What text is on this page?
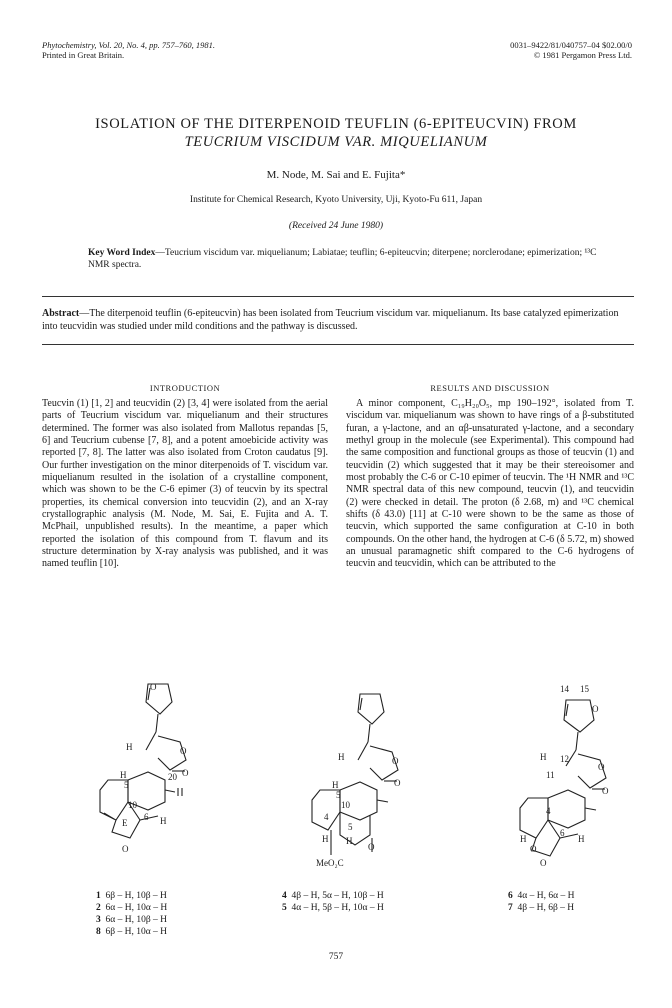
Phytochemistry, Vol. 20, No. 4, pp. 757–760, 1981.
Printed in Great Britain.
0031–9422/81/040757–04 $02.00/0
© 1981 Pergamon Press Ltd.
ISOLATION OF THE DITERPENOID TEUFLIN (6-EPITEUCVIN) FROM
TEUCRIUM VISCIDUM VAR. MIQUELIANUM
M. Node, M. Sai and E. Fujita*
Institute for Chemical Research, Kyoto University, Uji, Kyoto-Fu 611, Japan
(Received 24 June 1980)
Key Word Index—Teucrium viscidum var. miquelianum; Labiatae; teuflin; 6-epiteucvin; diterpene; norclerodane; epimerization; ¹³C NMR spectra.
Abstract—The diterpenoid teuflin (6-epiteucvin) has been isolated from Teucrium viscidum var. miquelianum. Its base catalyzed epimerization into teucvidin was studied under mild conditions and the pathway is discussed.
INTRODUCTION

Teucvin (1) [1, 2] and teucvidin (2) [3, 4] were isolated from the aerial parts of Teucrium viscidum var. miquelianum and their structures determined. The former was also isolated from Mallotus repandas [5, 6] and Teucrium cubense [7, 8], and a potent amoebicide activity was reported [7, 8]. The latter was also isolated from Croton caudatus [9]. Our further investigation on the minor diterpenoids of T. viscidum var. miquelianum resulted in the isolation of a crystalline component, which was shown to be the C-6 epimer (3) of teucvin by its spectral properties, its chemical conversion into teucvidin (2), and an X-ray crystallographic analysis (M. Node, M. Sai, E. Fujita and A. T. McPhail, unpublished results). In the meantime, a paper which reported the isolation of this compound from T. flavum and its structure determination by X-ray analysis was published, and it was named teuflin [10].

RESULTS AND DISCUSSION

A minor component, C₁₉H₂₀O₅, mp 190–192°, isolated from T. viscidum var. miquelianum was shown to have rings of a β-substituted furan, a γ-lactone, and an αβ-unsaturated γ-lactone, and a secondary methyl group in the molecule (see Experimental). This compound had the same composition and functional groups as those of teucvin (1) and teucvidin (2) which suggested that it may be their stereoisomer and most probably the C-6 or C-10 epimer of teucvin. The ¹H NMR and ¹³C NMR spectral data of this new compound, teucvin (1), and teucvidin (2) were checked in detail. The proton (δ 2.68, m) and ¹³C chemical shifts (δ 43.0) [11] at C-10 were shown to be the same as those of teucvin, which supported the same configuration at C-10 in both compounds. On the other hand, the hydrogen at C-6 (δ 5.72, m) showed an unusual paramagnetic shift compared to the C-6 hydrogens of teucvin and teucvidin, which can be attributed to the

H
H	20 O
O
5
10
E
6 H
O
O
H
H	O
O
5
10
4
5
H H
O
MeO₂C
14 15
O
H 12
11
O
O
4
6
H	H
O
O
1 6β – H, 10β – H
2 6α – H, 10α – H
3 6α – H, 10β – H
8 6β – H, 10α – H
4 4β – H, 5α – H, 10β – H
5 4α – H, 5β – H, 10α – H
6 4α – H, 6α – H
7 4β – H, 6β – H
757
